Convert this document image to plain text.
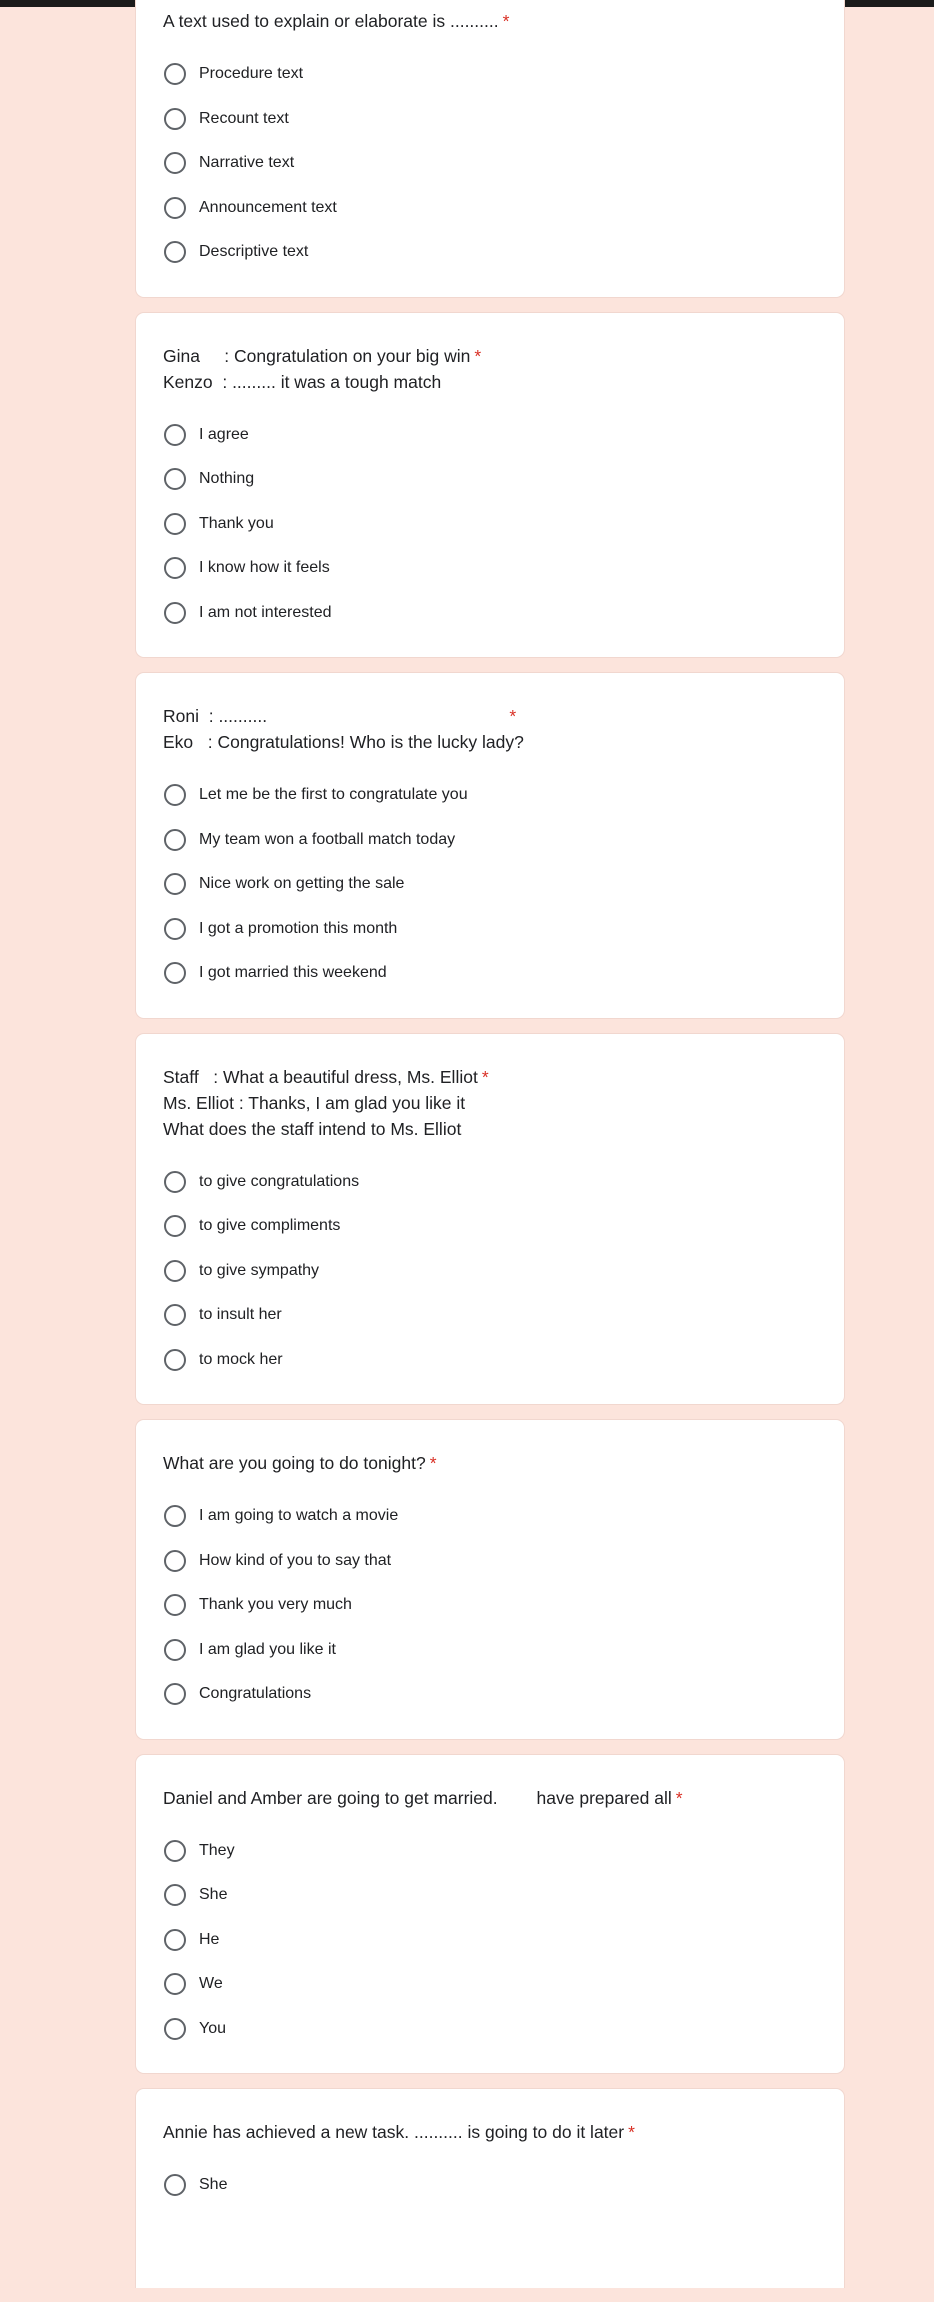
A text used to explain or elaborate is .......... *
Procedure text
Recount text
Narrative text
Announcement text
Descriptive text
Gina     : Congratulation on your big win *
Kenzo  : ......... it was a tough match
I agree
Nothing
Thank you
I know how it feels
I am not interested
Roni  : ..........                                                 *
Eko   : Congratulations! Who is the lucky lady?
Let me be the first to congratulate you
My team won a football match today
Nice work on getting the sale
I got a promotion this month
I got married this weekend
Staff   : What a beautiful dress, Ms. Elliot *
Ms. Elliot : Thanks, I am glad you like it
What does the staff intend to Ms. Elliot
to give congratulations
to give compliments
to give sympathy
to insult her
to mock her
What are you going to do tonight? *
I am going to watch a movie
How kind of you to say that
Thank you very much
I am glad you like it
Congratulations
Daniel and Amber are going to get married.        have prepared all *
They
She
He
We
You
Annie has achieved a new task. .......... is going to do it later *
She
